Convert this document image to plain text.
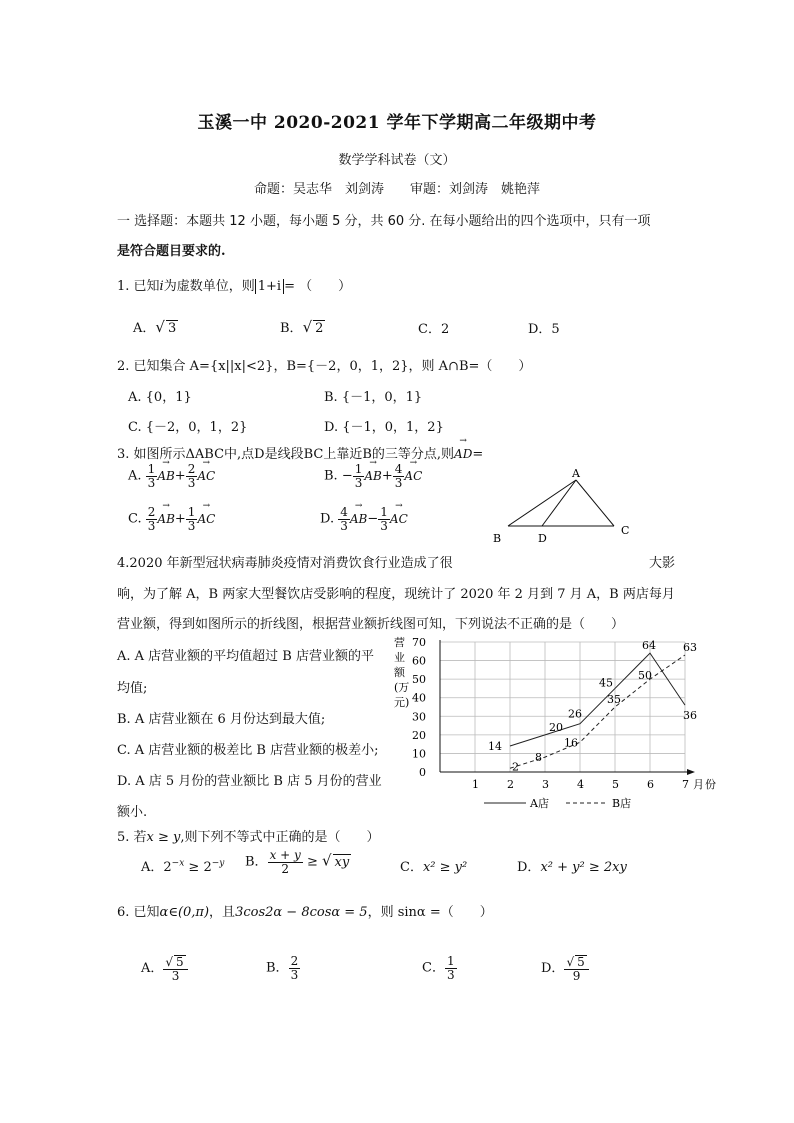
玉溪一中 2020-2021 学年下学期高二年级期中考
数学学科试卷（文）
命题：吴志华　刘剑涛　　审题：刘剑涛　姚艳萍
一 选择题：本题共 12 小题，每小题 5 分，共 60 分. 在每小题给出的四个选项中，只有一项
是符合题目要求的.
1. 已知i为虚数单位，则 1+i = （　　）
A．√ 3	B．√ 2	C．2	D．5
2. 已知集合 A={x||x|<2}，B={－2，0，1，2}，则 A∩B=（　　）
A. {0，1}	B. {－1，0，1}
C. {－2，0，1，2}	D. {－1，0，1，2}
3. 如图所示ΔABC中,点D是线段BC上靠近B的三等分点,则→ AD=
A. $\frac{1}{3}$
→ $AB+ \frac{2}{3}$
→ AC	B. − $\frac{1}{3}$
→ $AB+ \frac{4}{3}$
→ AC
C. $\frac{2}{3}$
→ $AB+ \frac{1}{3}$
→ AC	D. $\frac{4}{3}$
→ $AB- \frac{1}{3}$
→ AC
A
B	D
C
4.2020 年新型冠状病毒肺炎疫情对消费饮食行业造成了很	大影
响，为了解 A，B 两家大型餐饮店受影响的程度，现统计了 2020 年 2 月到 7 月 A，B 两店每月
营业额，得到如图所示的折线图，根据营业额折线图可知，下列说法不正确的是（　　）
A. A 店营业额的平均值超过 B 店营业额的平
均值;
B. A 店营业额在 6 月份达到最大值;
C. A 店营业额的极差比 B 店营业额的极差小;
D. A 店 5 月份的营业额比 B 店 5 月份的营业
额小.
营
业
额
(万
元)
0
10
20
30
40
50
60
70
1	2	3	4	5	6	7 月 份
14
20
26
45
64
36
2
8
16
35
50
63
A店	B店
5. 若x ≥ y,则下列不等式中正确的是（　　）
A．$2^{-x} \ge 2^{-y}$ B． $\frac{x + y}{2}$ ≥ √ xy	C．x² ≥ y²	D．x² + y² ≥ 2xy
6. 已知α∈(0,π)，且3cos2α − 8cosα = 5，则 sinα =（　　）
A． $\frac{√ 5}{3}$	B． $\frac{2}{3}$	C． $\frac{1}{3}$	D． $\frac{√ 5}{9}$
